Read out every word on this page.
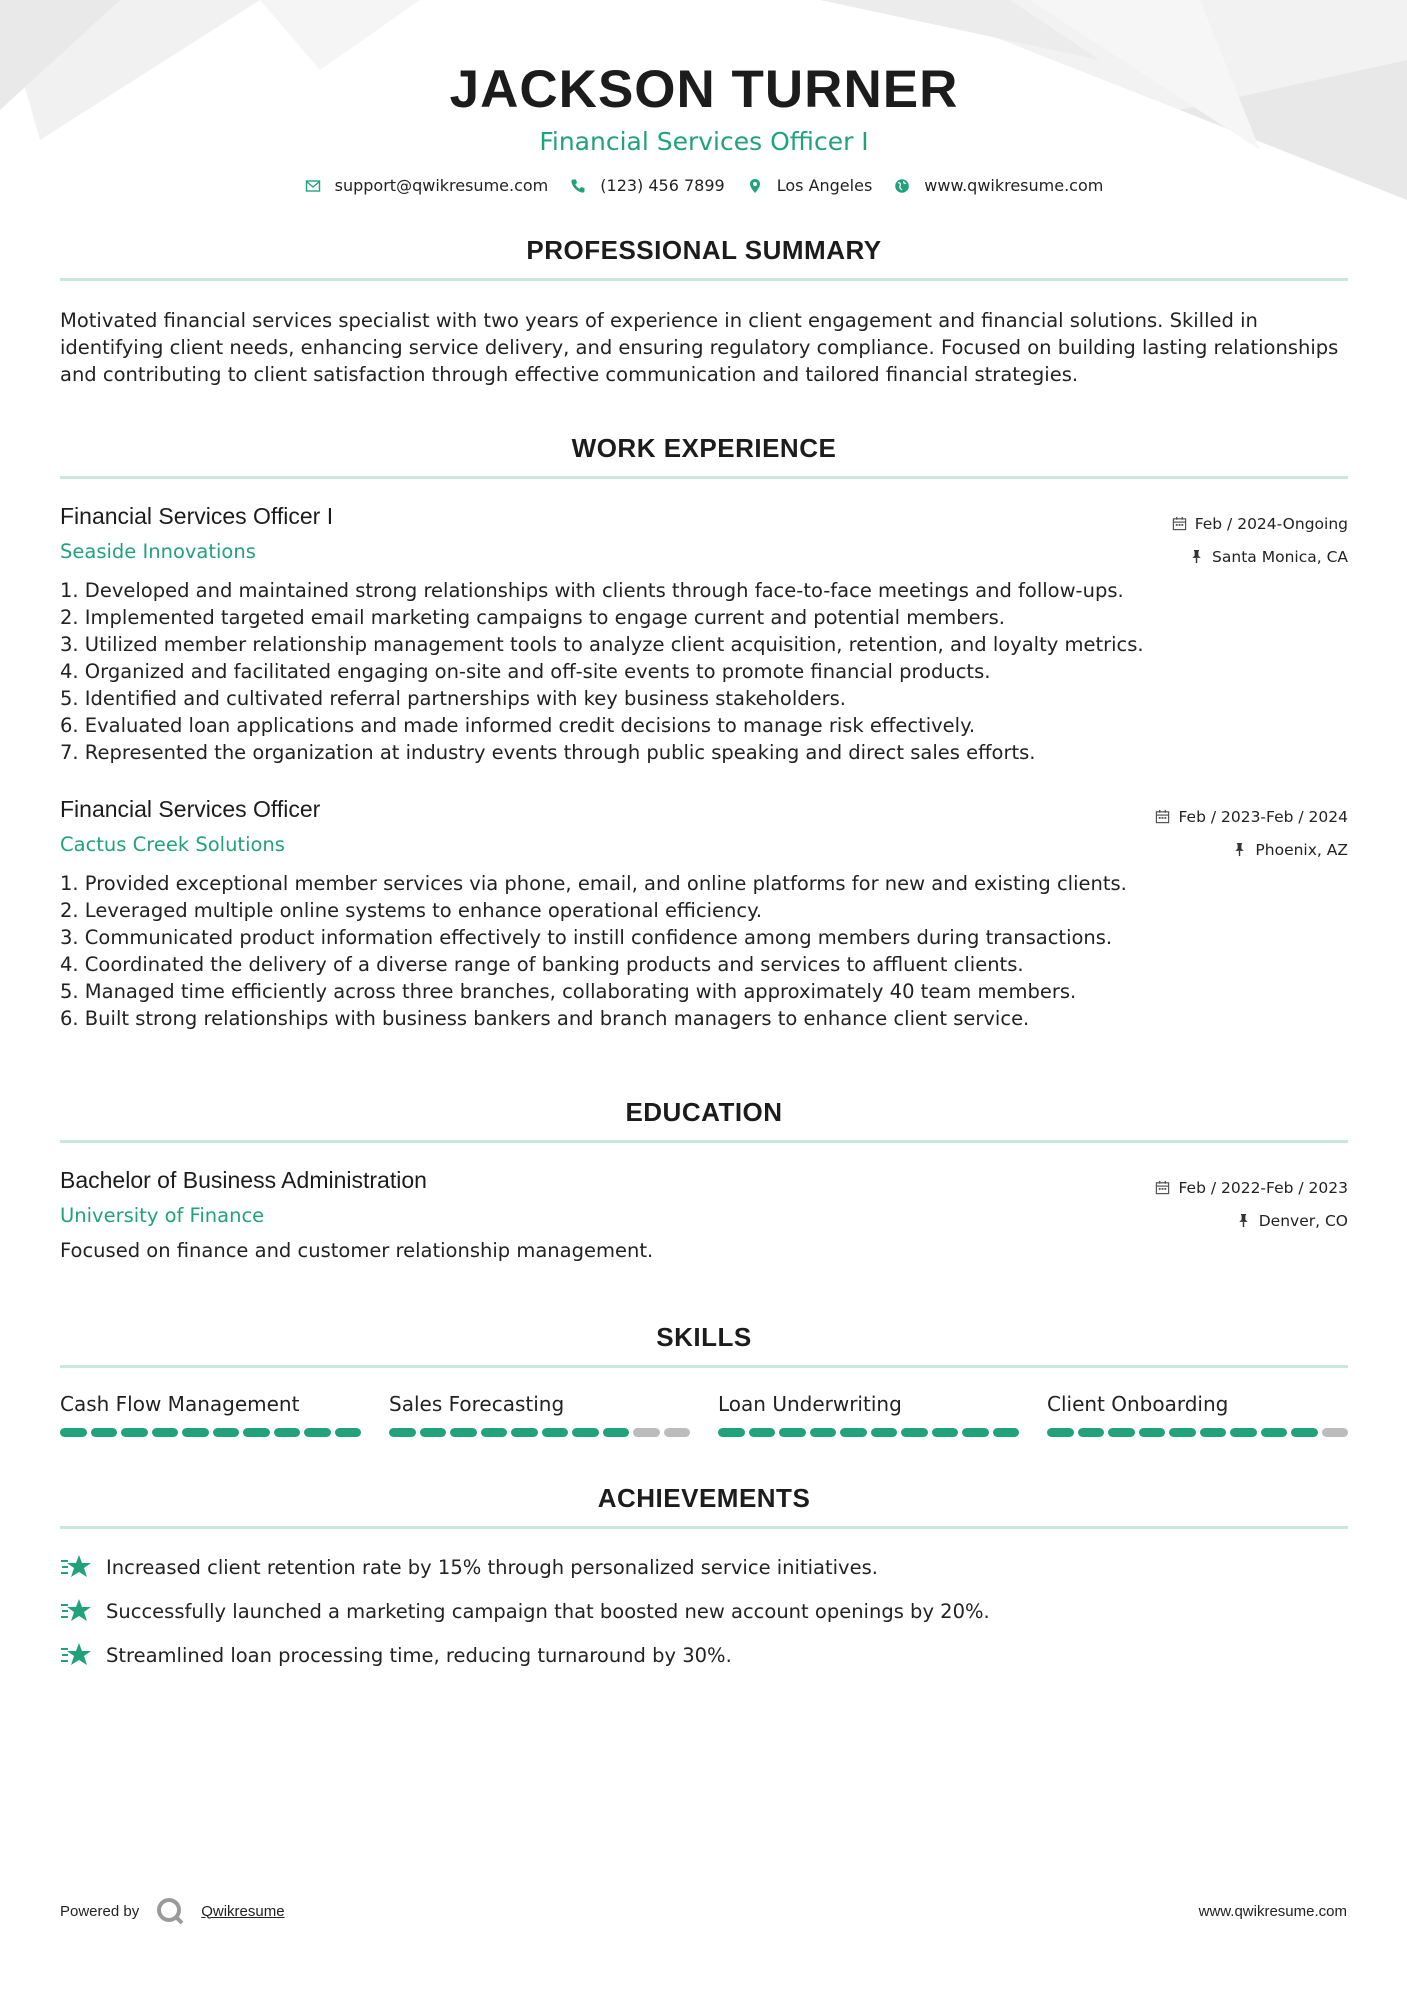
JACKSON TURNER
Financial Services Officer I
support@qwikresume.com	(123) 456 7899	Los Angeles	www.qwikresume.com
PROFESSIONAL SUMMARY
Motivated financial services specialist with two years of experience in client engagement and financial solutions. Skilled in identifying client needs, enhancing service delivery, and ensuring regulatory compliance. Focused on building lasting relationships and contributing to client satisfaction through effective communication and tailored financial strategies.
WORK EXPERIENCE
Financial Services Officer I
Seaside Innovations
Feb / 2024-Ongoing
Santa Monica, CA
1. Developed and maintained strong relationships with clients through face-to-face meetings and follow-ups.
2. Implemented targeted email marketing campaigns to engage current and potential members.
3. Utilized member relationship management tools to analyze client acquisition, retention, and loyalty metrics.
4. Organized and facilitated engaging on-site and off-site events to promote financial products.
5. Identified and cultivated referral partnerships with key business stakeholders.
6. Evaluated loan applications and made informed credit decisions to manage risk effectively.
7. Represented the organization at industry events through public speaking and direct sales efforts.
Financial Services Officer
Cactus Creek Solutions
Feb / 2023-Feb / 2024
Phoenix, AZ
1. Provided exceptional member services via phone, email, and online platforms for new and existing clients.
2. Leveraged multiple online systems to enhance operational efficiency.
3. Communicated product information effectively to instill confidence among members during transactions.
4. Coordinated the delivery of a diverse range of banking products and services to affluent clients.
5. Managed time efficiently across three branches, collaborating with approximately 40 team members.
6. Built strong relationships with business bankers and branch managers to enhance client service.
EDUCATION
Bachelor of Business Administration
University of Finance
Feb / 2022-Feb / 2023
Denver, CO
Focused on finance and customer relationship management.
SKILLS
Cash Flow Management	Sales Forecasting	Loan Underwriting	Client Onboarding
ACHIEVEMENTS
Increased client retention rate by 15% through personalized service initiatives.
Successfully launched a marketing campaign that boosted new account openings by 20%.
Streamlined loan processing time, reducing turnaround by 30%.
Powered by	Qwikresume	www.qwikresume.com
